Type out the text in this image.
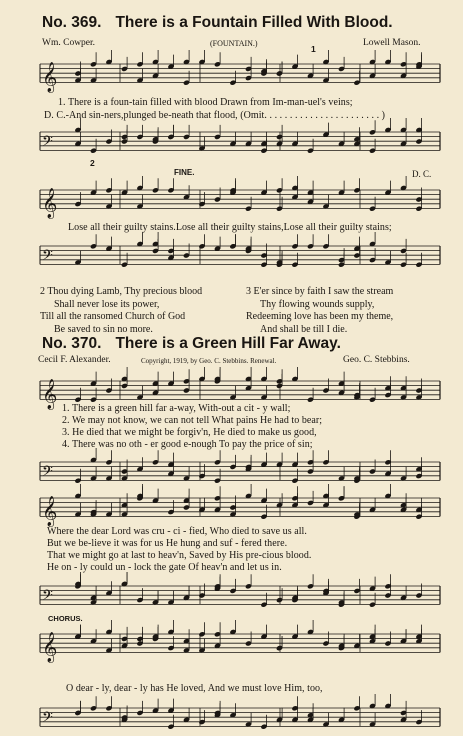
No. 369. There is a Fountain Filled With Blood.
Wm. Cowper.	(FOUNTAIN.)	Lowell Mason.
1
𝄞
1. There is a foun-tain filled with blood Drawn from Im-man-uel's veins;
D. C.-And sin-ners,plunged be-neath that flood, (Omit. . . . . . . . . . . . . . . . . . . . . . . )
𝄢
2
FINE.	D. C.
𝄞
Lose all their guilty stains.Lose all their guilty stains,Lose all their guilty stains;
𝄢
2 Thou dying Lamb, Thy precious blood
Shall never lose its power,
Till all the ransomed Church of God
Be saved to sin no more.
3 E'er since by faith I saw the stream
Thy flowing wounds supply,
Redeeming love has been my theme,
And shall be till I die.
No. 370. There is a Green Hill Far Away.
Cecil F. Alexander.	Copyright, 1919, by Geo. C. Stebbins. Renewal.	Geo. C. Stebbins.
𝄞 1. There is a green hill far a-way, With-out a cit - y wall;
2. We may not know, we can not tell What pains He had to bear;
3. He died that we might be forgiv'n, He died to make us good,
4. There was no oth - er good e-nough To pay the price of sin;
𝄢
𝄞
Where the dear Lord was cru - ci - fied, Who died to save us all.
But we be-lieve it was for us He hung and suf - fered there.
That we might go at last to heav'n, Saved by His pre-cious blood.
He on - ly could un - lock the gate Of heav'n and let us in.
𝄢
CHORUS.
𝄞
O dear - ly, dear - ly has He loved, And we must love Him, too,
𝄢
